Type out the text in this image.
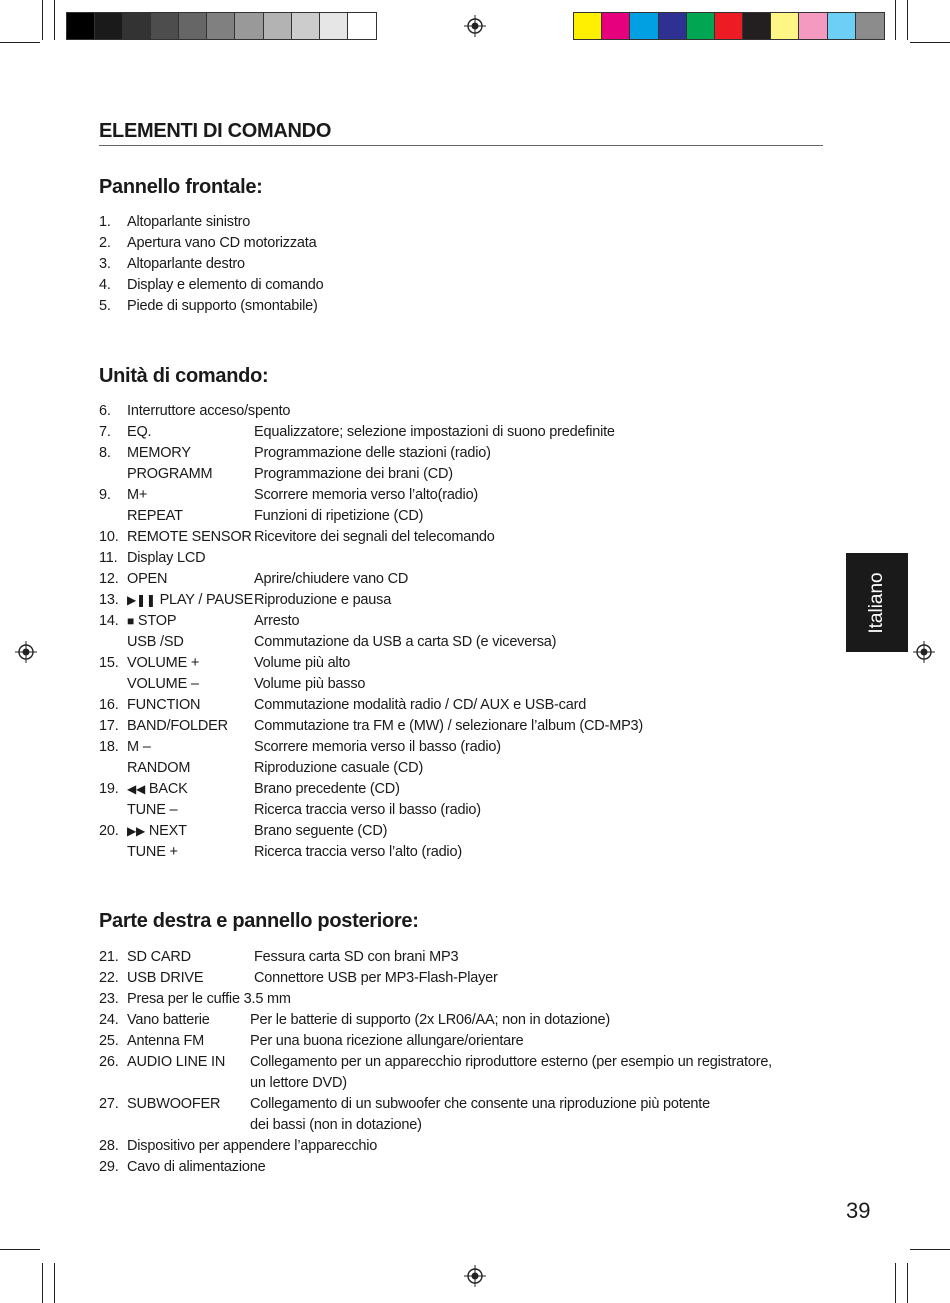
ELEMENTI DI COMANDO
Pannello frontale:
Unità di comando:
Parte destra e pannello posteriore:
1. Altoparlante sinistro
2. Apertura vano CD motorizzata
3. Altoparlante destro
4. Display e elemento di comando
5. Piede di supporto (smontabile)
6. Interruttore acceso/spento
7. EQ.	Equalizzatore; selezione impostazioni di suono predefinite
8. MEMORY	Programmazione delle stazioni (radio)
PROGRAMM	Programmazione dei brani (CD)
9. M+	Scorrere memoria verso l’alto(radio)
REPEAT	Funzioni di ripetizione (CD)
10. REMOTE SENSOR Ricevitore dei segnali del telecomando
11. Display LCD
12. OPEN	Aprire/chiudere vano CD
13. ▶❚❚ PLAY / PAUSE Riproduzione e pausa
14. ■ STOP	Arresto
USB /SD	Commutazione da USB a carta SD (e viceversa)
15. VOLUME +	Volume più alto
VOLUME –	Volume più basso
16. FUNCTION	Commutazione modalità radio / CD/ AUX e USB-card
17. BAND/FOLDER Commutazione tra FM e (MW) / selezionare l’album (CD-MP3)
18. M –	Scorrere memoria verso il basso (radio)
RANDOM	Riproduzione casuale (CD)
19. ◀◀ BACK	Brano precedente (CD)
TUNE –	Ricerca traccia verso il basso (radio)
20. ▶▶ NEXT	Brano seguente (CD)
TUNE +	Ricerca traccia verso l’alto (radio)
21. SD CARD	Fessura carta SD con brani MP3
22. USB DRIVE	Connettore USB per MP3-Flash-Player
23. Presa per le cuffie 3.5 mm
24. Vano batterie	Per le batterie di supporto (2x LR06/AA; non in dotazione)
25. Antenna FM	Per una buona ricezione allungare/orientare
26. AUDIO LINE IN Collegamento per un apparecchio riproduttore esterno (per esempio un registratore,
un lettore DVD)
27. SUBWOOFER Collegamento di un subwoofer che consente una riproduzione più potente
dei bassi (non in dotazione)
28. Dispositivo per appendere l’apparecchio
29. Cavo di alimentazione
Italiano
39
